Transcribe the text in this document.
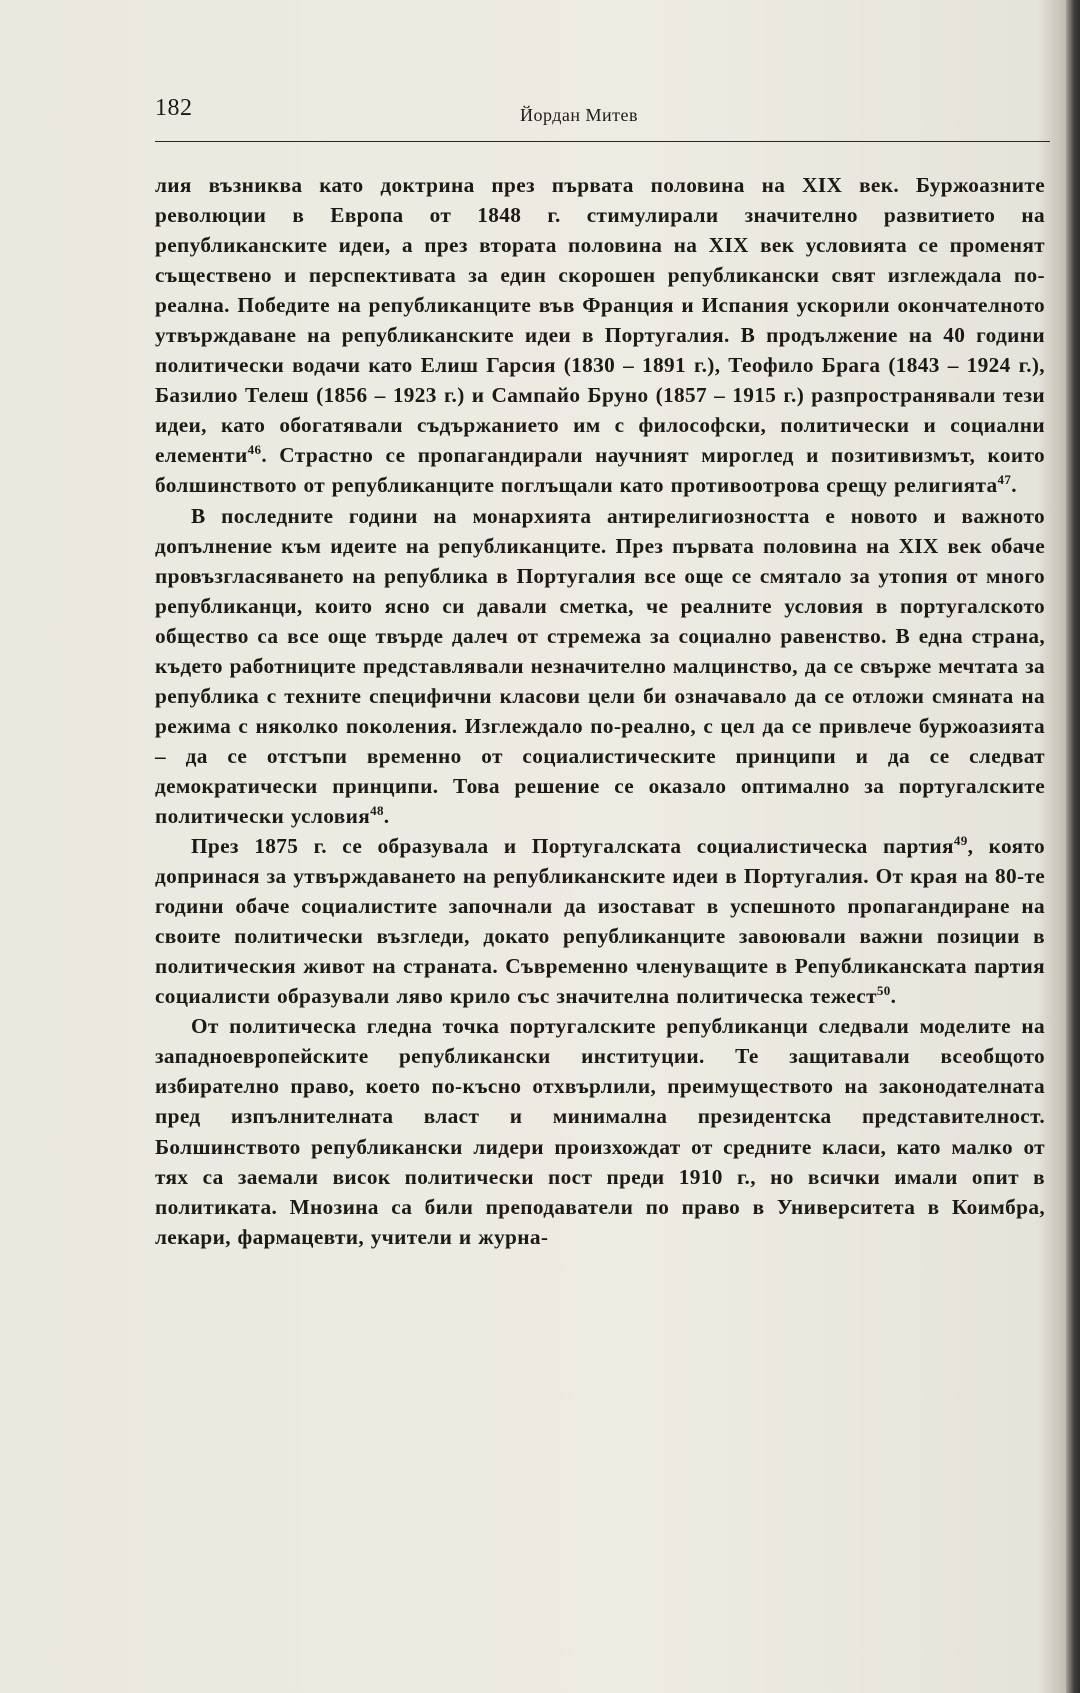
182	Йордан Митев

лия възниква като доктрина през първата половина на XIX век. Буржоазните революции в Европа от 1848 г. стимулирали значително развитието на републиканските идеи, а през втората половина на XIX век условията се променят съществено и перспективата за един скорошен републикански свят изглеждала по-реална. Победите на републиканците във Франция и Испания ускорили окончателното утвърждаване на републиканските идеи в Португалия. В продължение на 40 години политически водачи като Елиш Гарсия (1830 – 1891 г.), Теофило Брага (1843 – 1924 г.), Базилио Телеш (1856 – 1923 г.) и Сампайо Бруно (1857 – 1915 г.) разпространявали тези идеи, като обогатявали съдържанието им с философски, политически и социални елементи$^{46}$. Страстно се пропагандирали научният мироглед и позитивизмът, които болшинството от републиканците поглъщали като противоотрова срещу религията$^{47}$.

В последните години на монархията антирелигиозността е новото и важното допълнение към идеите на републиканците. През първата половина на XIX век обаче провъзгласяването на република в Португалия все още се смятало за утопия от много републиканци, които ясно си давали сметка, че реалните условия в португалското общество са все още твърде далеч от стремежа за социално равенство. В една страна, където работниците представлявали незначително малцинство, да се свърже мечтата за република с техните специфични класови цели би означавало да се отложи смяната на режима с няколко поколения. Изглеждало по-реално, с цел да се привлече буржоазията – да се отстъпи временно от социалистическите принципи и да се следват демократически принципи. Това решение се оказало оптимално за португалските политически условия$^{48}$.

През 1875 г. се образувала и Португалската социалистическа партия$^{49}$, която допринася за утвърждаването на републиканските идеи в Португалия. От края на 80-те години обаче социалистите започнали да изостават в успешното пропагандиране на своите политически възгледи, докато републиканците завоювали важни позиции в политическия живот на страната. Съвременно членуващите в Републиканската партия социалисти образували ляво крило със значителна политическа тежест$^{50}$.

От политическа гледна точка португалските републиканци следвали моделите на западноевропейските републикански институции. Те защитавали всеобщото избирателно право, което по-късно отхвърлили, преимуществото на законодателната пред изпълнителната власт и минимална президентска представителност. Болшинството републикански лидери произхождат от средните класи, като малко от тях са заемали висок политически пост преди 1910 г., но всички имали опит в политиката. Мнозина са били преподаватели по право в Университета в Коимбра, лекари, фармацевти, учители и журна-
